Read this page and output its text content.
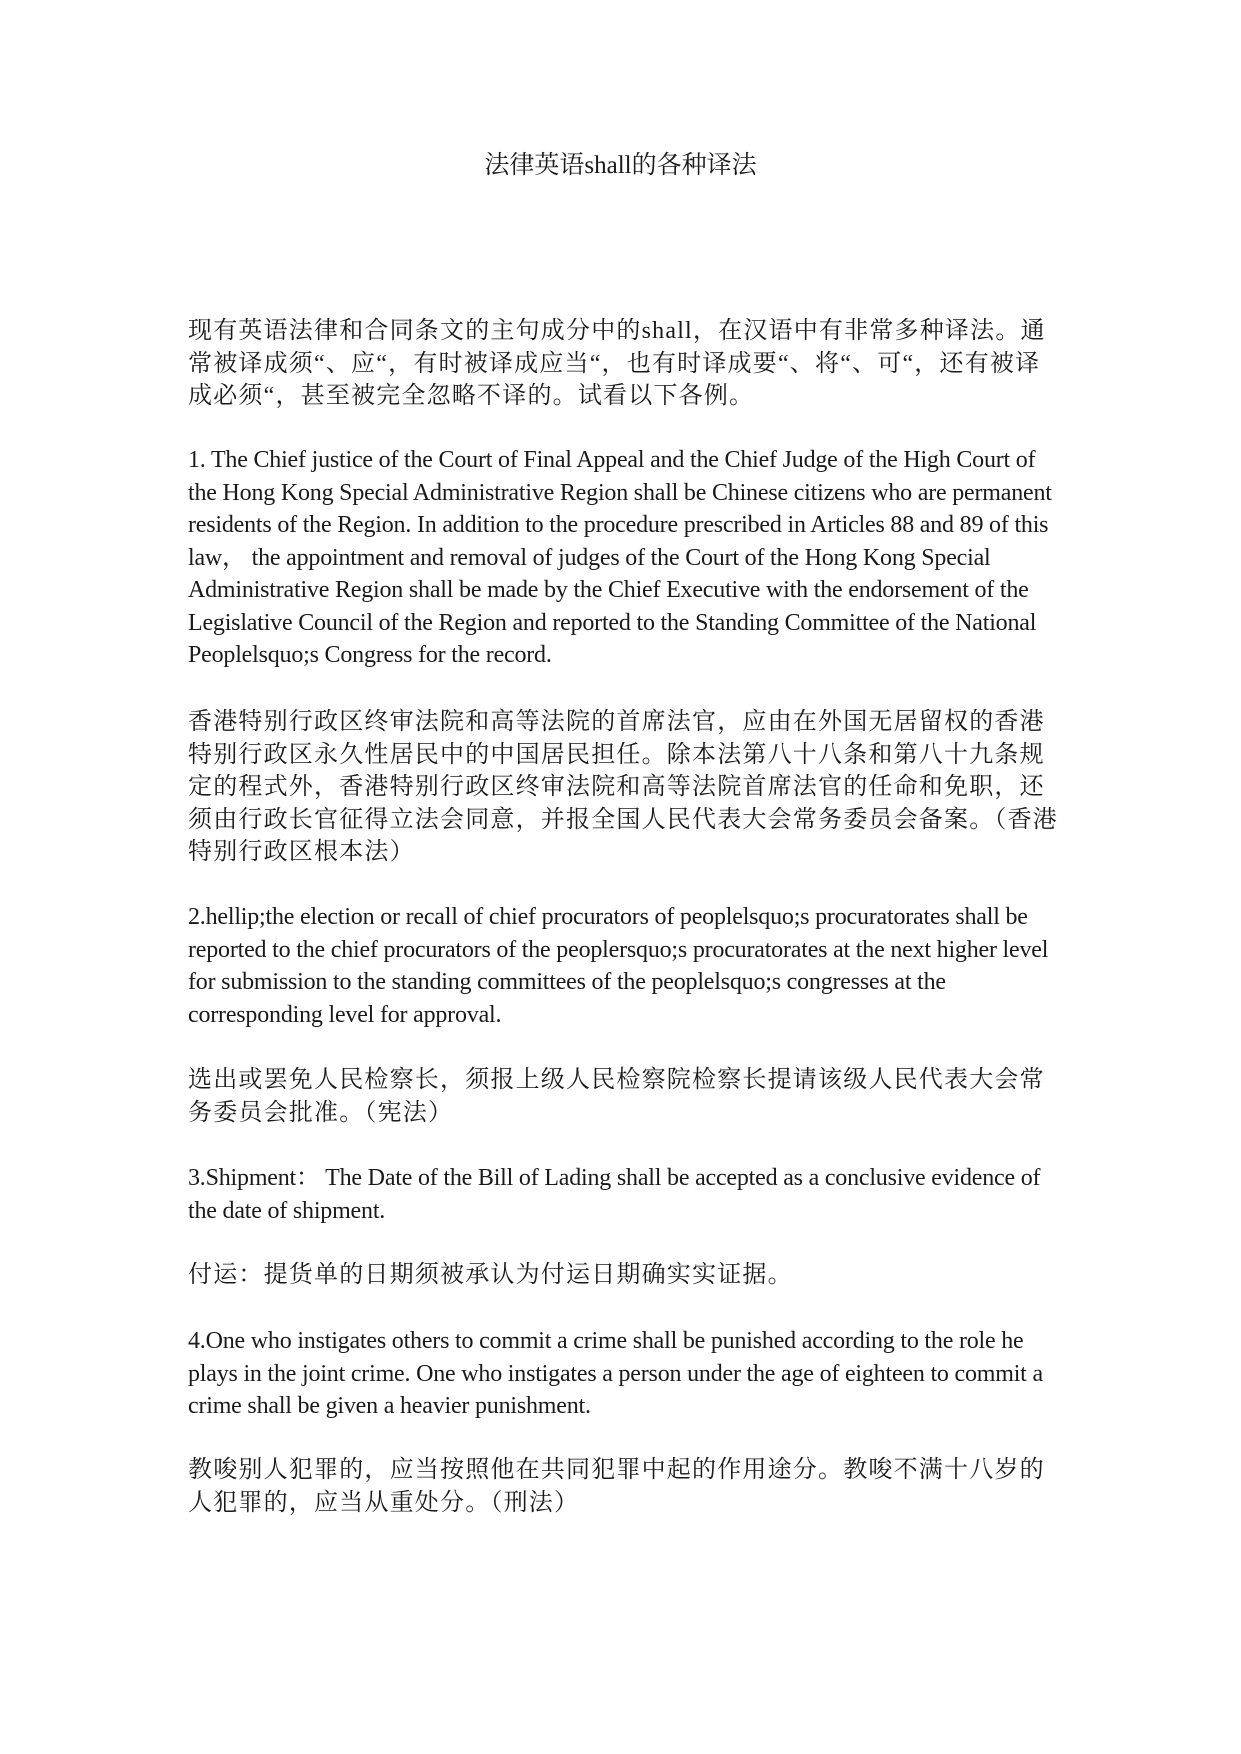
法律英语shall的各种译法

现有英语法律和合同条文的主句成分中的shall，在汉语中有非常多种译法。通常被译成须“、应“，有时被译成应当“，也有时译成要“、将“、可“，还有被译成必须“，甚至被完全忽略不译的。试看以下各例。

1. The Chief justice of the Court of Final Appeal and the Chief Judge of the High Court of the Hong Kong Special Administrative Region shall be Chinese citizens who are permanent residents of the Region. In addition to the procedure prescribed in Articles 88 and 89 of this law， the appointment and removal of judges of the Court of the Hong Kong Special Administrative Region shall be made by the Chief Executive with the endorsement of the Legislative Council of the Region and reported to the Standing Committee of the National Peoplelsquo;s Congress for the record.

香港特别行政区终审法院和高等法院的首席法官，应由在外国无居留权的香港特别行政区永久性居民中的中国居民担任。除本法第八十八条和第八十九条规定的程式外，香港特别行政区终审法院和高等法院首席法官的任命和免职，还须由行政长官征得立法会同意，并报全国人民代表大会常务委员会备案。（香港特别行政区根本法）

2.hellip;the election or recall of chief procurators of peoplelsquo;s procuratorates shall be reported to the chief procurators of the peoplersquo;s procuratorates at the next higher level for submission to the standing committees of the peoplelsquo;s congresses at the corresponding level for approval.

选出或罢免人民检察长，须报上级人民检察院检察长提请该级人民代表大会常务委员会批准。（宪法）

3.Shipment： The Date of the Bill of Lading shall be accepted as a conclusive evidence of the date of shipment.

付运：提货单的日期须被承认为付运日期确实实证据。

4.One who instigates others to commit a crime shall be punished according to the role he plays in the joint crime. One who instigates a person under the age of eighteen to commit a crime shall be given a heavier punishment.

教唆别人犯罪的，应当按照他在共同犯罪中起的作用途分。教唆不满十八岁的人犯罪的，应当从重处分。（刑法）
